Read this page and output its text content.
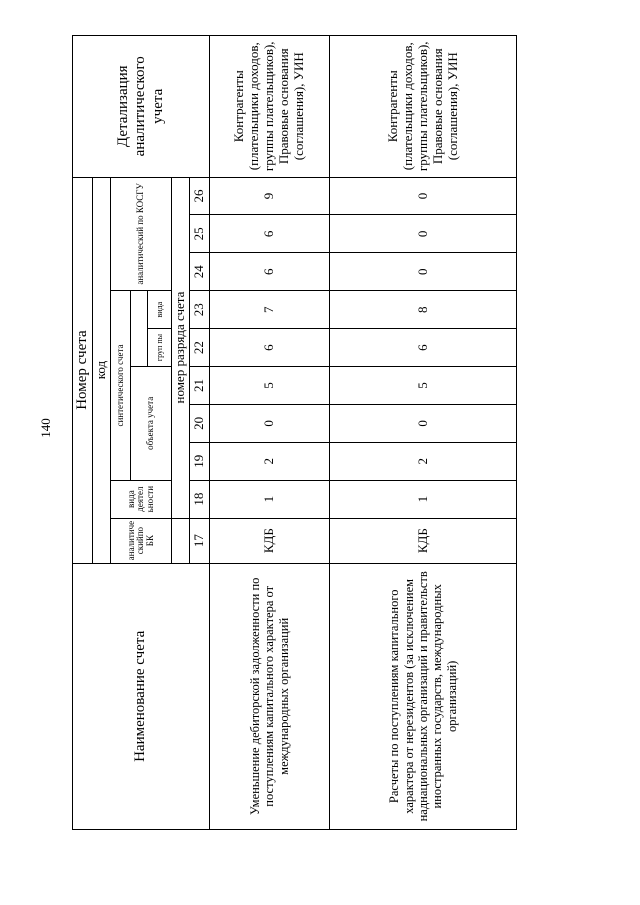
140
Наименование счета	Номер счета										Детализация аналитического учета
	код										
	аналитиче скийпо БК	вида деятел ьности	синтетического счета					аналитический по КОСГУ			
			объекта учета								
						груп пы	вида				
		номер разряда счета									
	17	18	19	20	21	22	23	24	25	26	
Уменьшение дебиторской задолженности по поступлениям капитального характера от международных организаций	КДБ	1	2	0	5	6	7	6	6	9	Контрагенты (плательщики доходов, группы плательщиков), Правовые основания (соглашения), УИН
Расчеты по поступлениям капитального характера от нерезидентов (за исключением наднациональных организаций и правительств иностранных государств, международных организаций)	КДБ	1	2	0	5	6	8	0	0	0	Контрагенты (плательщики доходов, группы плательщиков), Правовые основания (соглашения), УИН
